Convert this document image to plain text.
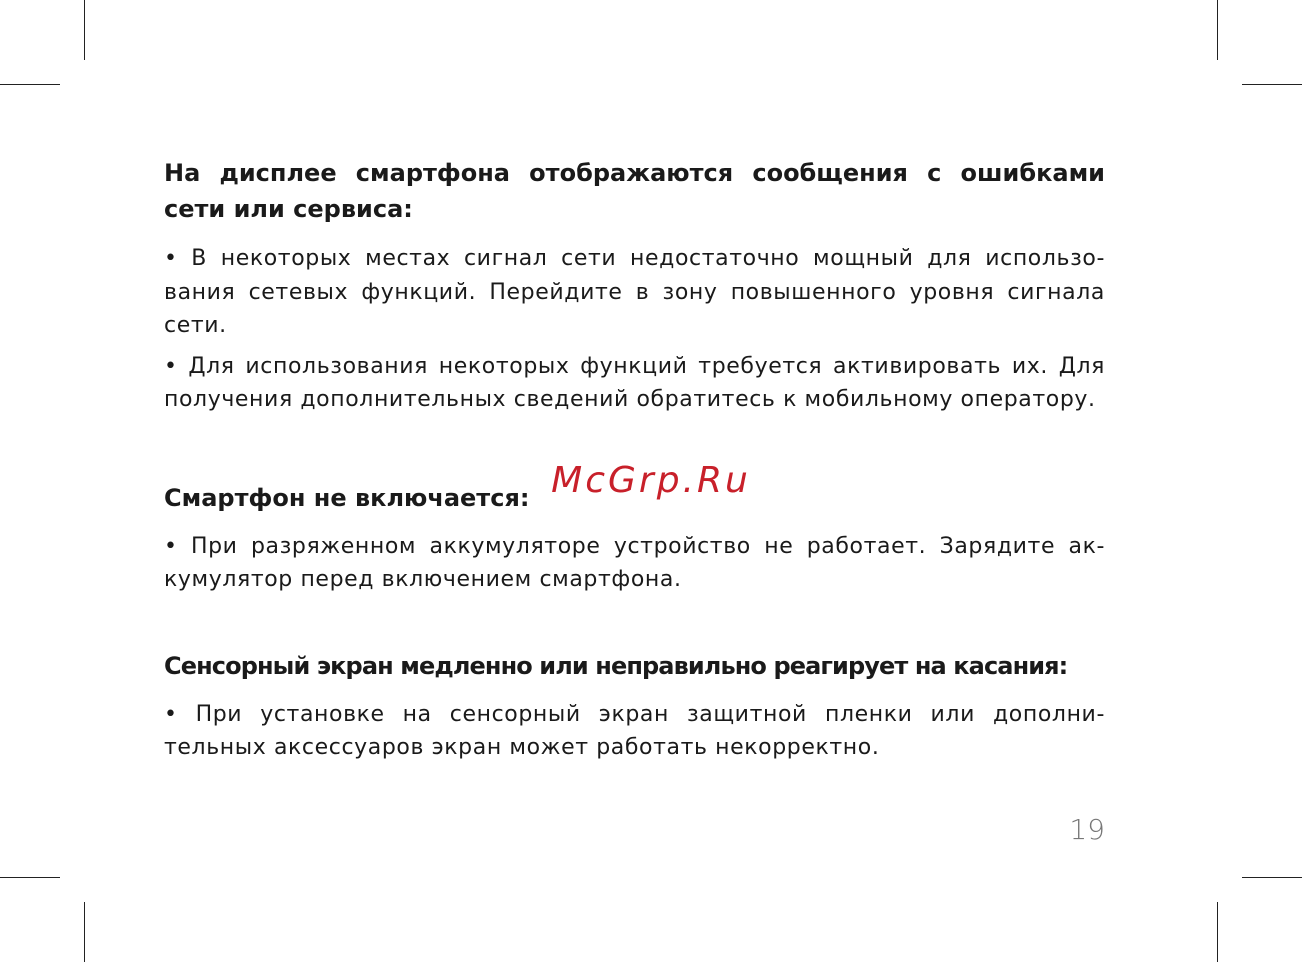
На дисплее смартфона отображаются сообщения с ошибками сети или сервиса:

• В некоторых местах сигнал сети недостаточно мощный для использо-вания сетевых функций. Перейдите в зону повышенного уровня сигнала сети.

• Для использования некоторых функций требуется активировать их. Для получения дополнительных сведений обратитесь к мобильному оператору.

Смартфон не включается:

• При разряженном аккумуляторе устройство не работает. Зарядите ак-кумулятор перед включением смартфона.

Сенсорный экран медленно или неправильно реагирует на касания:

• При установке на сенсорный экран защитной пленки или дополни-тельных аксессуаров экран может работать некорректно.

McGrp.Ru
19
